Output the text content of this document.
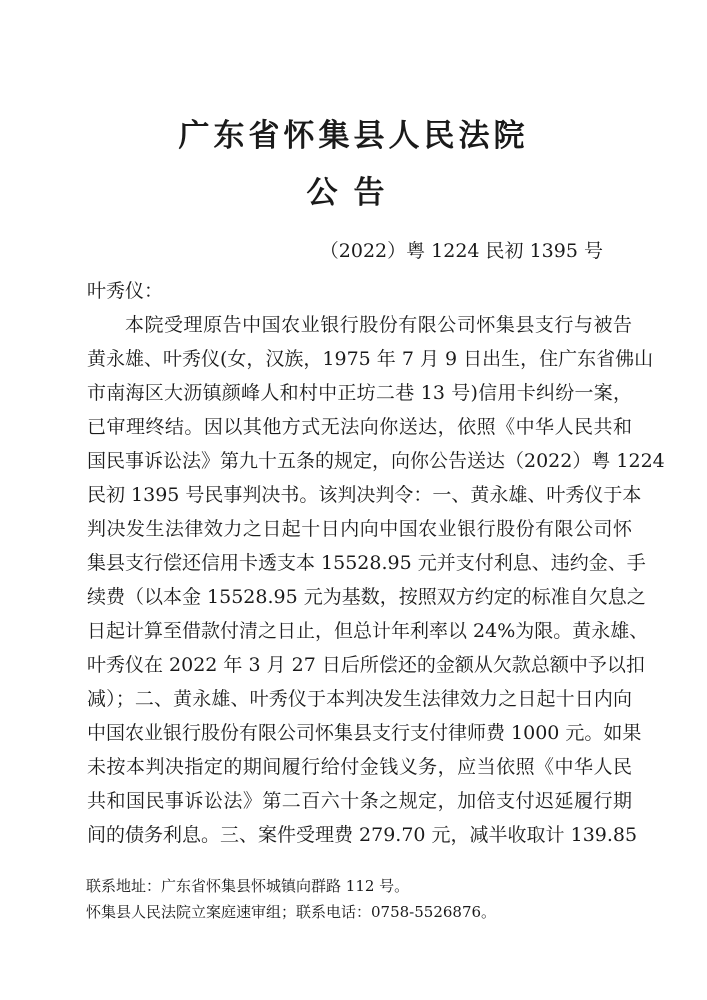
广东省怀集县人民法院
公告
（2022）粤 1224 民初 1395 号
叶秀仪：
本院受理原告中国农业银行股份有限公司怀集县支行与被告
黄永雄、叶秀仪(女，汉族，1975 年 7 月 9 日出生，住广东省佛山
市南海区大沥镇颜峰人和村中正坊二巷 13 号)信用卡纠纷一案，
已审理终结。因以其他方式无法向你送达，依照《中华人民共和
国民事诉讼法》第九十五条的规定，向你公告送达（2022）粤 1224
民初 1395 号民事判决书。该判决判令：一、黄永雄、叶秀仪于本
判决发生法律效力之日起十日内向中国农业银行股份有限公司怀
集县支行偿还信用卡透支本 15528.95 元并支付利息、违约金、手
续费（以本金 15528.95 元为基数，按照双方约定的标准自欠息之
日起计算至借款付清之日止，但总计年利率以 24%为限。黄永雄、
叶秀仪在 2022 年 3 月 27 日后所偿还的金额从欠款总额中予以扣
减）；二、黄永雄、叶秀仪于本判决发生法律效力之日起十日内向
中国农业银行股份有限公司怀集县支行支付律师费 1000 元。如果
未按本判决指定的期间履行给付金钱义务，应当依照《中华人民
共和国民事诉讼法》第二百六十条之规定，加倍支付迟延履行期
间的债务利息。三、案件受理费 279.70 元，减半收取计 139.85
联系地址：广东省怀集县怀城镇向群路 112 号。
怀集县人民法院立案庭速审组；联系电话：0758-5526876。
